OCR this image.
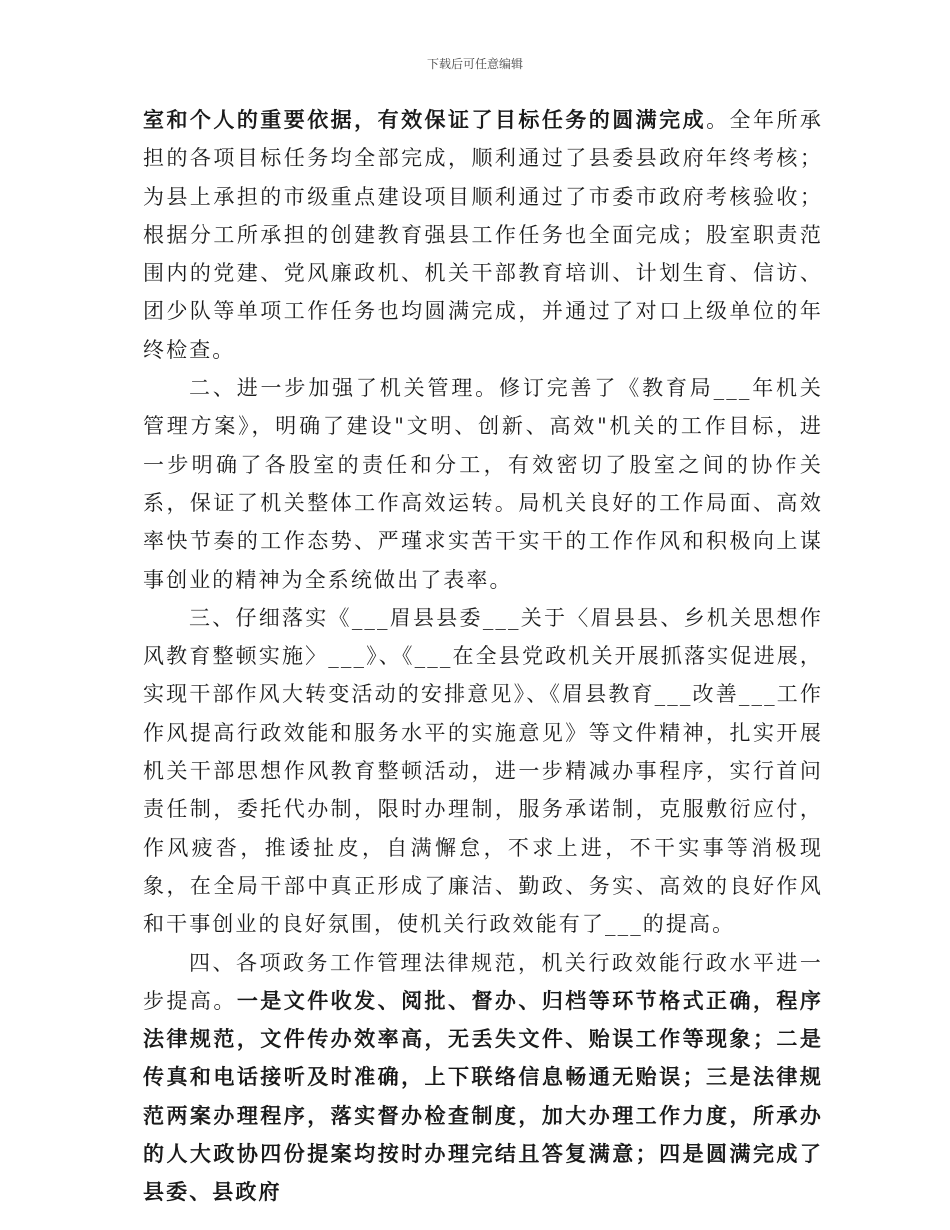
下载后可任意编辑

室和个人的重要依据，有效保证了目标任务的圆满完成。全年所承担的各项目标任务均全部完成，顺利通过了县委县政府年终考核；为县上承担的市级重点建设项目顺利通过了市委市政府考核验收；根据分工所承担的创建教育强县工作任务也全面完成；股室职责范围内的党建、党风廉政机、机关干部教育培训、计划生育、信访、团少队等单项工作任务也均圆满完成，并通过了对口上级单位的年终检查。

二、进一步加强了机关管理。修订完善了《教育局___年机关管理方案》，明确了建设"文明、创新、高效"机关的工作目标，进一步明确了各股室的责任和分工，有效密切了股室之间的协作关系，保证了机关整体工作高效运转。局机关良好的工作局面、高效率快节奏的工作态势、严瑾求实苦干实干的工作作风和积极向上谋事创业的精神为全系统做出了表率。

三、仔细落实《___眉县县委___关于〈眉县县、乡机关思想作风教育整顿实施〉___》、《___在全县党政机关开展抓落实促进展，实现干部作风大转变活动的安排意见》、《眉县教育___改善___工作作风提高行政效能和服务水平的实施意见》等文件精神，扎实开展机关干部思想作风教育整顿活动，进一步精减办事程序，实行首问责任制，委托代办制，限时办理制，服务承诺制，克服敷衍应付，作风疲沓，推诿扯皮，自满懈怠，不求上进，不干实事等消极现象，在全局干部中真正形成了廉洁、勤政、务实、高效的良好作风和干事创业的良好氛围，使机关行政效能有了___的提高。

四、各项政务工作管理法律规范，机关行政效能行政水平进一步提高。一是文件收发、阅批、督办、归档等环节格式正确，程序法律规范，文件传办效率高，无丢失文件、贻误工作等现象；二是传真和电话接听及时准确，上下联络信息畅通无贻误；三是法律规范两案办理程序，落实督办检查制度，加大办理工作力度，所承办的人大政协四份提案均按时办理完结且答复满意；四是圆满完成了县委、县政府
